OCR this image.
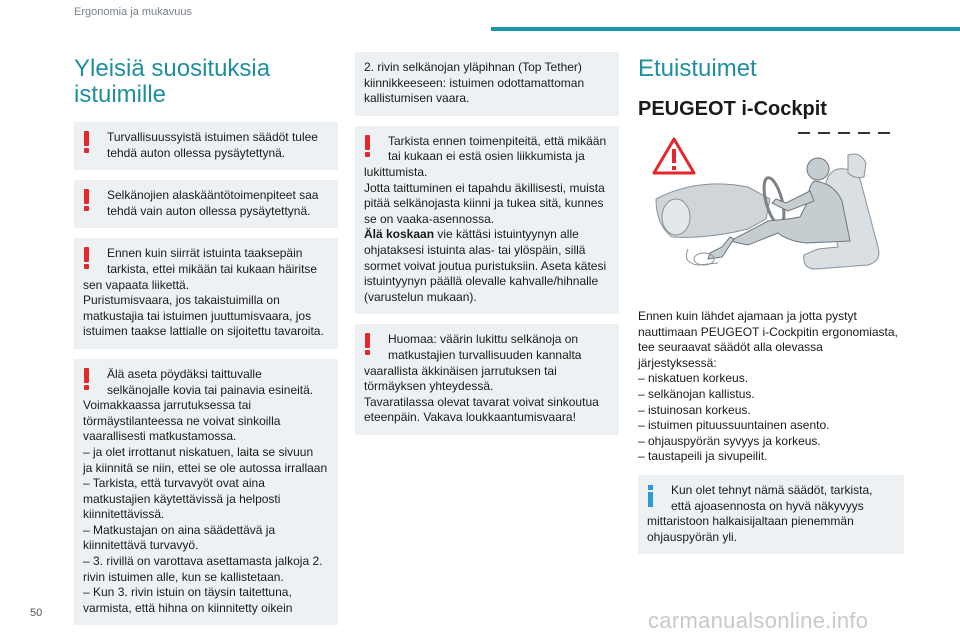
Ergonomia ja mukavuus
Yleisiä suosituksia
istuimille
Turvallisuussyistä istuimen säädöt tulee
tehdä auton ollessa pysäytettynä.
Selkänojien alaskääntötoimenpiteet saa
tehdä vain auton ollessa pysäytettynä.
Ennen kuin siirrät istuinta taaksepäin
tarkista, ettei mikään tai kukaan häiritse
sen vapaata liikettä.
Puristumisvaara, jos takaistuimilla on
matkustajia tai istuimen juuttumisvaara, jos
istuimen taakse lattialle on sijoitettu tavaroita.
Älä aseta pöydäksi taittuvalle
selkänojalle kovia tai painavia esineitä.
Voimakkaassa jarrutuksessa tai
törmäystilanteessa ne voivat sinkoilla
vaarallisesti matkustamossa.
– ja olet irrottanut niskatuen, laita se sivuun
ja kiinnitä se niin, ettei se ole autossa irrallaan
– Tarkista, että turvavyöt ovat aina
matkustajien käytettävissä ja helposti
kiinnitettävissä.
– Matkustajan on aina säädettävä ja
kiinnitettävä turvavyö.
– 3. rivillä on varottava asettamasta jalkoja 2.
rivin istuimen alle, kun se kallistetaan.
– Kun 3. rivin istuin on täysin taitettuna,
varmista, että hihna on kiinnitetty oikein
2. rivin selkänojan yläpihnan (Top Tether)
kiinnikkeeseen: istuimen odottamattoman
kallistumisen vaara.
Tarkista ennen toimenpiteitä, että mikään
tai kukaan ei estä osien liikkumista ja
lukittumista.
Jotta taittuminen ei tapahdu äkillisesti, muista
pitää selkänojasta kiinni ja tukea sitä, kunnes
se on vaaka-asennossa.
Älä koskaan vie kättäsi istuintyynyn alle
ohjataksesi istuinta alas- tai ylöspäin, sillä
sormet voivat joutua puristuksiin. Aseta kätesi
istuintyynyn päällä olevalle kahvalle/hihnalle
(varustelun mukaan).
Huomaa: väärin lukittu selkänoja on
matkustajien turvallisuuden kannalta
vaarallista äkkinäisen jarrutuksen tai
törmäyksen yhteydessä.
Tavaratilassa olevat tavarat voivat sinkoutua
eteenpäin. Vakava loukkaantumisvaara!
Etuistuimet
PEUGEOT i-Cockpit
Ennen kuin lähdet ajamaan ja jotta pystyt
nauttimaan PEUGEOT i-Cockpitin ergonomiasta,
tee seuraavat säädöt alla olevassa
järjestyksessä:
– niskatuen korkeus.
– selkänojan kallistus.
– istuinosan korkeus.
– istuimen pituussuuntainen asento.
– ohjauspyörän syvyys ja korkeus.
– taustapeili ja sivupeilit.
Kun olet tehnyt nämä säädöt, tarkista,
että ajoasennosta on hyvä näkyvyys
mittaristoon halkaisijaltaan pienemmän
ohjauspyörän yli.
50	carmanualsonline.info
